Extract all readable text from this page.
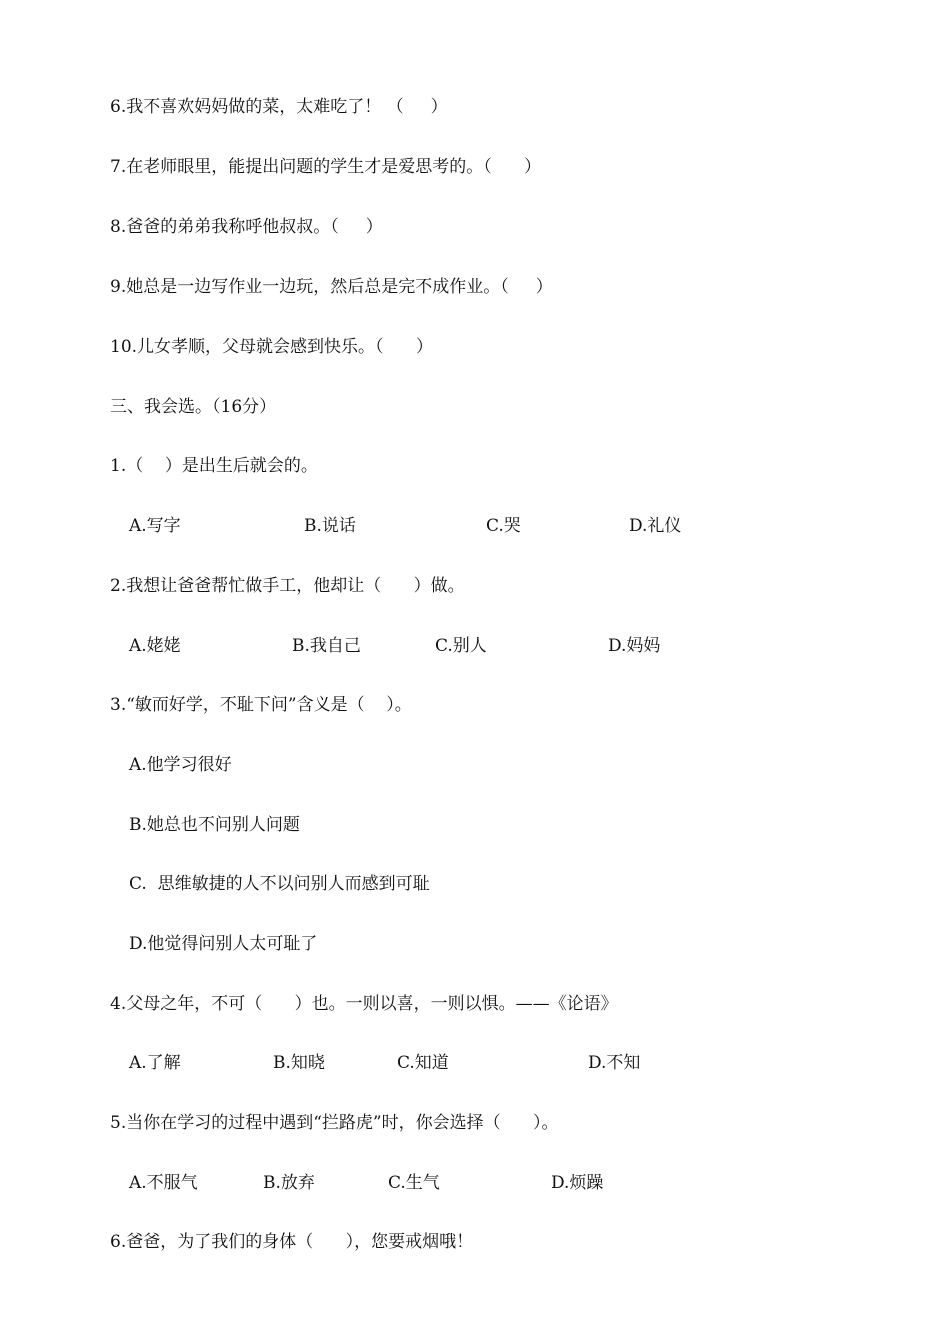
6.我不喜欢妈妈做的菜，太难吃了！ （     ）
7.在老师眼里，能提出问题的学生才是爱思考的。（      ）
8.爸爸的弟弟我称呼他叔叔。（     ）
9.她总是一边写作业一边玩，然后总是完不成作业。（     ）
10.儿女孝顺，父母就会感到快乐。（      ）
三、我会选。（16分）
1.（    ）是出生后就会的。
A.写字	B.说话	C.哭	D.礼仪
2.我想让爸爸帮忙做手工，他却让（      ）做。
A.姥姥	B.我自己	C.别人	D.妈妈
3.“敏而好学，不耻下问”含义是（    ）。
A.他学习很好
B.她总也不问别人问题
C.  思维敏捷的人不以问别人而感到可耻
D.他觉得问别人太可耻了
4.父母之年，不可（      ）也。一则以喜，一则以惧。——《论语》
A.了解	B.知晓	C.知道	D.不知
5.当你在学习的过程中遇到“拦路虎”时，你会选择（      ）。
A.不服气	B.放弃	C.生气	D.烦躁
6.爸爸，为了我们的身体（      ），您要戒烟哦！
